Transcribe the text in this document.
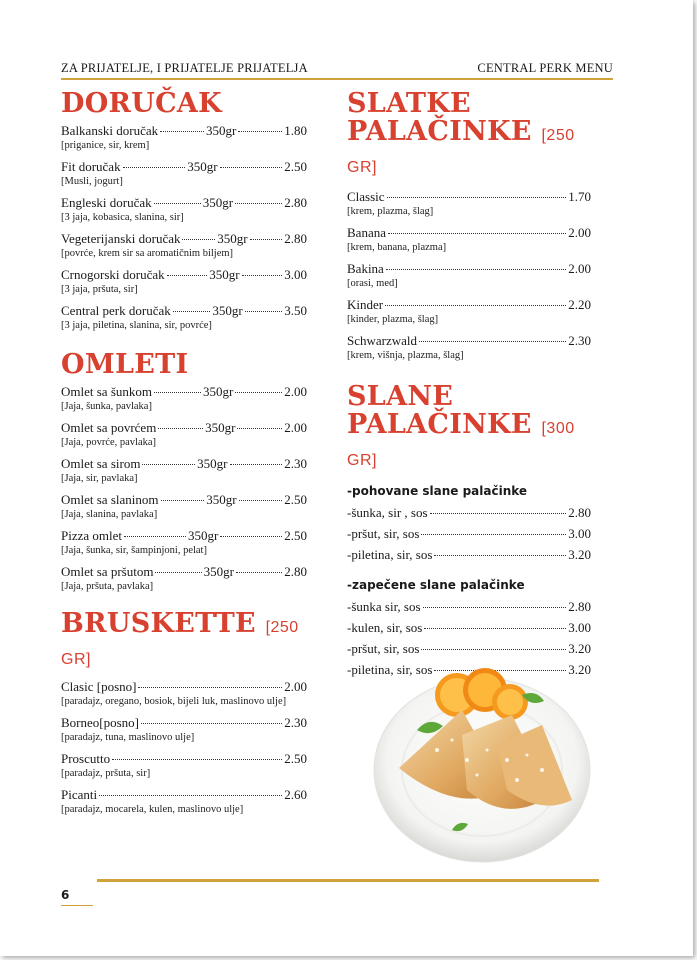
ZA PRIJATELJE, I PRIJATELJE PRIJATELJA	CENTRAL PERK MENU
DORUČAK
Balkanski doručak	350gr	1.80
[priganice, sir, krem]
Fit doručak	350gr	2.50
[Musli, jogurt]
Engleski doručak	350gr	2.80
[3 jaja, kobasica, slanina, sir]
Vegeterijanski doručak	350gr	2.80
[povrće, krem sir sa aromatičnim biljem]
Crnogorski doručak	350gr	3.00
[3 jaja, pršuta, sir]
Central perk doručak	350gr	3.50
[3 jaja, piletina, slanina, sir, povrće]
OMLETI
Omlet sa šunkom	350gr	2.00
[Jaja, šunka, pavlaka]
Omlet sa povrćem	350gr	2.00
[Jaja, povrće, pavlaka]
Omlet sa sirom	350gr	2.30
[Jaja, sir, pavlaka]
Omlet sa slaninom	350gr	2.50
[Jaja, slanina, pavlaka]
Pizza omlet	350gr	2.50
[Jaja, šunka, sir, šampinjoni, pelat]
Omlet sa pršutom	350gr	2.80
[Jaja, pršuta, pavlaka]
BRUSKETTE [250 GR]
Clasic [posno]	2.00
[paradajz, oregano, bosiok, bijeli luk, maslinovo ulje]
Borneo[posno]	2.30
[paradajz, tuna, maslinovo ulje]
Proscutto	2.50
[paradajz, pršuta, sir]
Picanti	2.60
[paradajz, mocarela, kulen, maslinovo ulje]
SLATKE
PALAČINKE [250 GR]
Classic	1.70
[krem, plazma, šlag]
Banana	2.00
[krem, banana, plazma]
Bakina	2.00
[orasi, med]
Kinder	2.20
[kinder, plazma, šlag]
Schwarzwald	2.30
[krem, višnja, plazma, šlag]
SLANE
PALAČINKE [300 GR]
-pohovane slane palačinke
-šunka, sir , sos	2.80
-pršut, sir, sos	3.00
-piletina, sir, sos	3.20
-zapečene slane palačinke
-šunka sir, sos	2.80
-kulen, sir, sos	3.00
-pršut, sir, sos	3.20
-piletina, sir, sos	3.20
6
